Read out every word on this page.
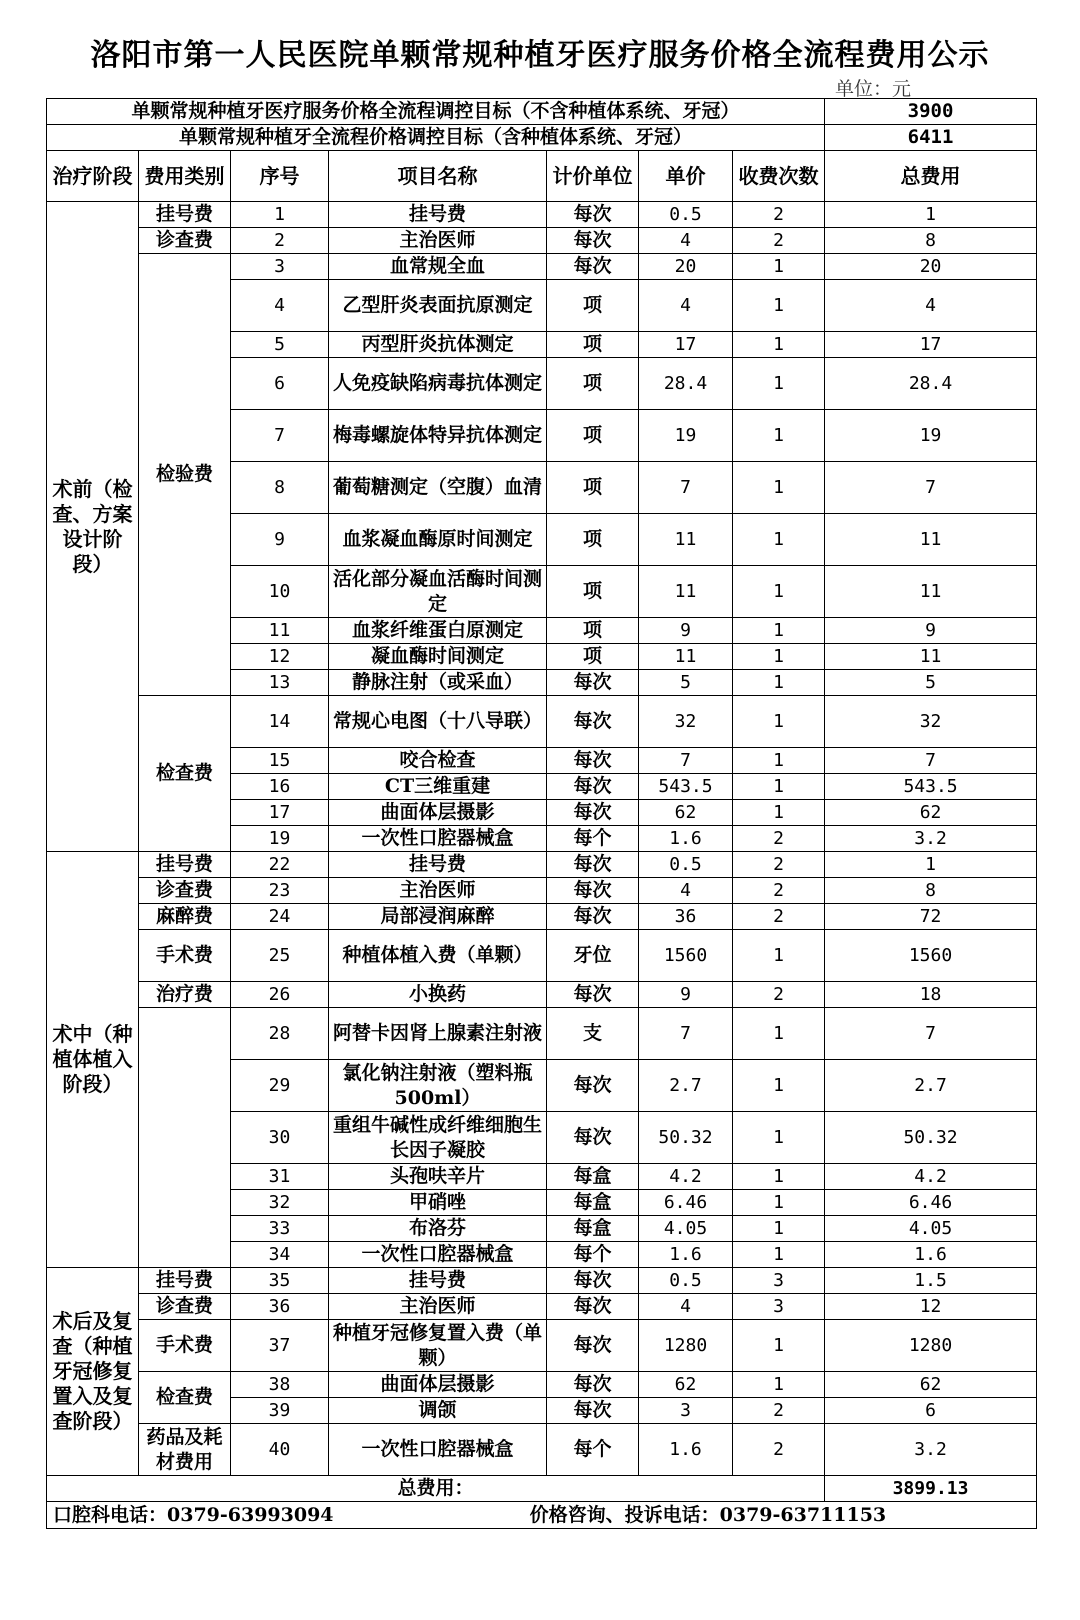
洛阳市第一人民医院单颗常规种植牙医疗服务价格全流程费用公示
单位：元
单颗常规种植牙医疗服务价格全流程调控目标（不含种植体系统、牙冠）							3900
单颗常规种植牙全流程价格调控目标（含种植体系统、牙冠）							6411
治疗阶段	费用类别	序号	项目名称	计价单位	单价	收费次数	总费用
术前（检查、方案设计阶段）	挂号费	1	挂号费	每次	0.5	2	1
	诊查费	2	主治医师	每次	4	2	8
	检验费	3	血常规全血	每次	20	1	20
		4	乙型肝炎表面抗原测定	项	4	1	4
		5	丙型肝炎抗体测定	项	17	1	17
		6	人免疫缺陷病毒抗体测定	项	28.4	1	28.4
		7	梅毒螺旋体特异抗体测定	项	19	1	19
		8	葡萄糖测定（空腹）血清	项	7	1	7
		9	血浆凝血酶原时间测定	项	11	1	11
		10	活化部分凝血活酶时间测定	项	11	1	11
		11	血浆纤维蛋白原测定	项	9	1	9
		12	凝血酶时间测定	项	11	1	11
		13	静脉注射（或采血）	每次	5	1	5
	检查费	14	常规心电图（十八导联）	每次	32	1	32
		15	咬合检查	每次	7	1	7
		16	CT三维重建	每次	543.5	1	543.5
		17	曲面体层摄影	每次	62	1	62
		19	一次性口腔器械盒	每个	1.6	2	3.2
术中（种植体植入阶段）	挂号费	22	挂号费	每次	0.5	2	1
	诊查费	23	主治医师	每次	4	2	8
	麻醉费	24	局部浸润麻醉	每次	36	2	72
	手术费	25	种植体植入费（单颗）	牙位	1560	1	1560
	治疗费	26	小换药	每次	9	2	18
		28	阿替卡因肾上腺素注射液	支	7	1	7
		29	氯化钠注射液（塑料瓶500ml）	每次	2.7	1	2.7
		30	重组牛碱性成纤维细胞生长因子凝胶	每次	50.32	1	50.32
		31	头孢呋辛片	每盒	4.2	1	4.2
		32	甲硝唑	每盒	6.46	1	6.46
		33	布洛芬	每盒	4.05	1	4.05
		34	一次性口腔器械盒	每个	1.6	1	1.6
术后及复查（种植牙冠修复置入及复查阶段）	挂号费	35	挂号费	每次	0.5	3	1.5
	诊查费	36	主治医师	每次	4	3	12
	手术费	37	种植牙冠修复置入费（单颗）	每次	1280	1	1280
	检查费	38	曲面体层摄影	每次	62	1	62
		39	调颌	每次	3	2	6
	药品及耗材费用	40	一次性口腔器械盒	每个	1.6	2	3.2
总费用：							3899.13
口腔科电话：0379-63993094 价格咨询、投诉电话：0379-63711153							
